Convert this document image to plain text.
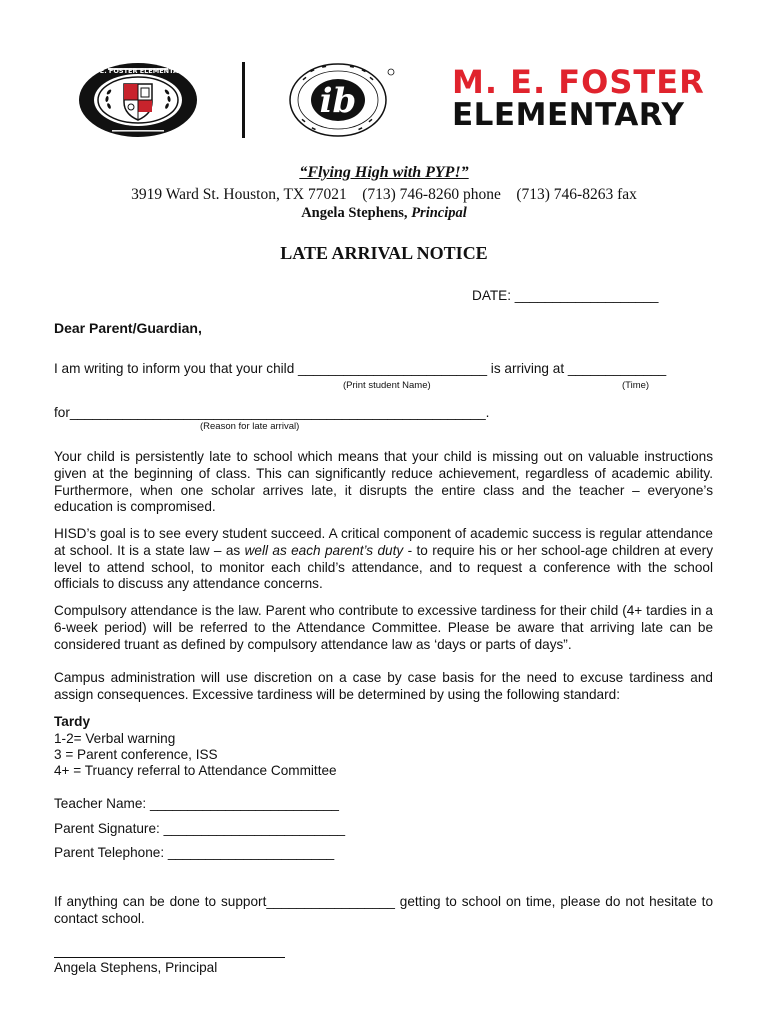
M. E. FOSTER ELEMENTARY
ib	M. E. FOSTER
ELEMENTARY
“Flying High with PYP!”
3919 Ward St. Houston, TX 77021    (713) 746-8260 phone    (713) 746-8263 fax
Angela Stephens, Principal
LATE ARRIVAL NOTICE
DATE: ___________________
Dear Parent/Guardian,
I am writing to inform you that your child _________________________ is arriving at _____________
(Print student Name)	(Time)
for_______________________________________________________.
(Reason for late arrival)

Your child is persistently late to school which means that your child is missing out on valuable instructions given at the beginning of class. This can significantly reduce achievement, regardless of academic ability. Furthermore, when one scholar arrives late, it disrupts the entire class and the teacher – everyone’s education is compromised.

HISD’s goal is to see every student succeed. A critical component of academic success is regular attendance at school. It is a state law – as well as each parent’s duty - to require his or her school-age children at every level to attend school, to monitor each child’s attendance, and to request a conference with the school officials to discuss any attendance concerns.

Compulsory attendance is the law. Parent who contribute to excessive tardiness for their child (4+ tardies in a 6-week period) will be referred to the Attendance Committee. Please be aware that arriving late can be considered truant as defined by compulsory attendance law as ‘days or parts of days”.

Campus administration will use discretion on a case by case basis for the need to excuse tardiness and assign consequences. Excessive tardiness will be determined by using the following standard:

Tardy
1-2= Verbal warning
3 = Parent conference, ISS
4+ = Truancy referral to Attendance Committee
Teacher Name: _________________________
Parent Signature: ________________________
Parent Telephone: ______________________

If anything can be done to support_________________ getting to school on time, please do not hesitate to contact school.

Angela Stephens, Principal
